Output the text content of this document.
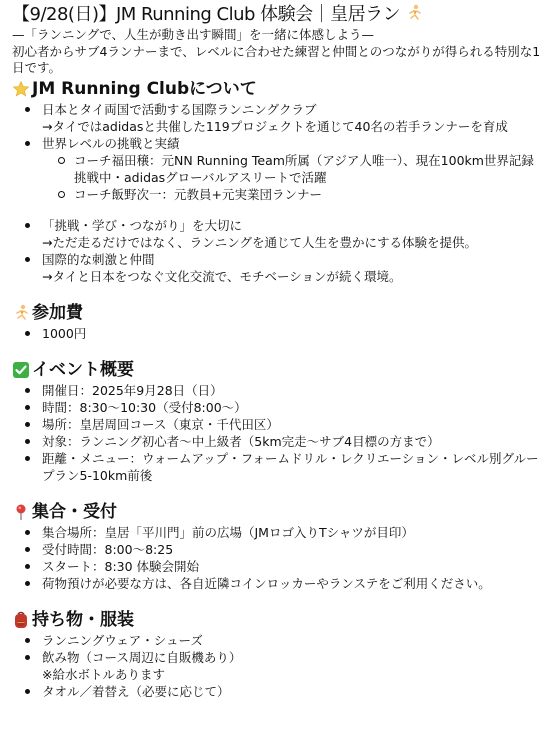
【9/28(日)】JM Running Club 体験会｜皇居ラン

—「ランニングで、人生が動き出す瞬間」を一緒に体感しよう—

初心者からサブ4ランナーまで、レベルに合わせた練習と仲間とのつながりが得られる特別な1日です。

JM Running Clubについて
日本とタイ両国で活動する国際ランニングクラブ
→タイではadidasと共催した119プロジェクトを通じて40名の若手ランナーを育成
世界レベルの挑戦と実績
コーチ福田穣：元NN Running Team所属（アジア人唯一）、現在100km世界記録挑戦中・adidasグローバルアスリートで活躍
コーチ飯野次一：元教員+元実業団ランナー
「挑戦・学び・つながり」を大切に
→ただ走るだけではなく、ランニングを通じて人生を豊かにする体験を提供。
国際的な刺激と仲間
→タイと日本をつなぐ文化交流で、モチベーションが続く環境。
参加費
1000円
イベント概要
開催日：2025年9月28日（日）
時間：8:30〜10:30（受付8:00〜）
場所：皇居周回コース（東京・千代田区）
対象：ランニング初心者〜中上級者（5km完走〜サブ4目標の方まで）
距離・メニュー：ウォームアップ・フォームドリル・レクリエーション・レベル別グループラン5-10km前後
集合・受付
集合場所：皇居「平川門」前の広場（JMロゴ入りTシャツが目印）
受付時間：8:00〜8:25
スタート：8:30 体験会開始
荷物預けが必要な方は、各自近隣コインロッカーやランステをご利用ください。
持ち物・服装
ランニングウェア・シューズ
飲み物（コース周辺に自販機あり）
※給水ボトルあります
タオル／着替え（必要に応じて）
